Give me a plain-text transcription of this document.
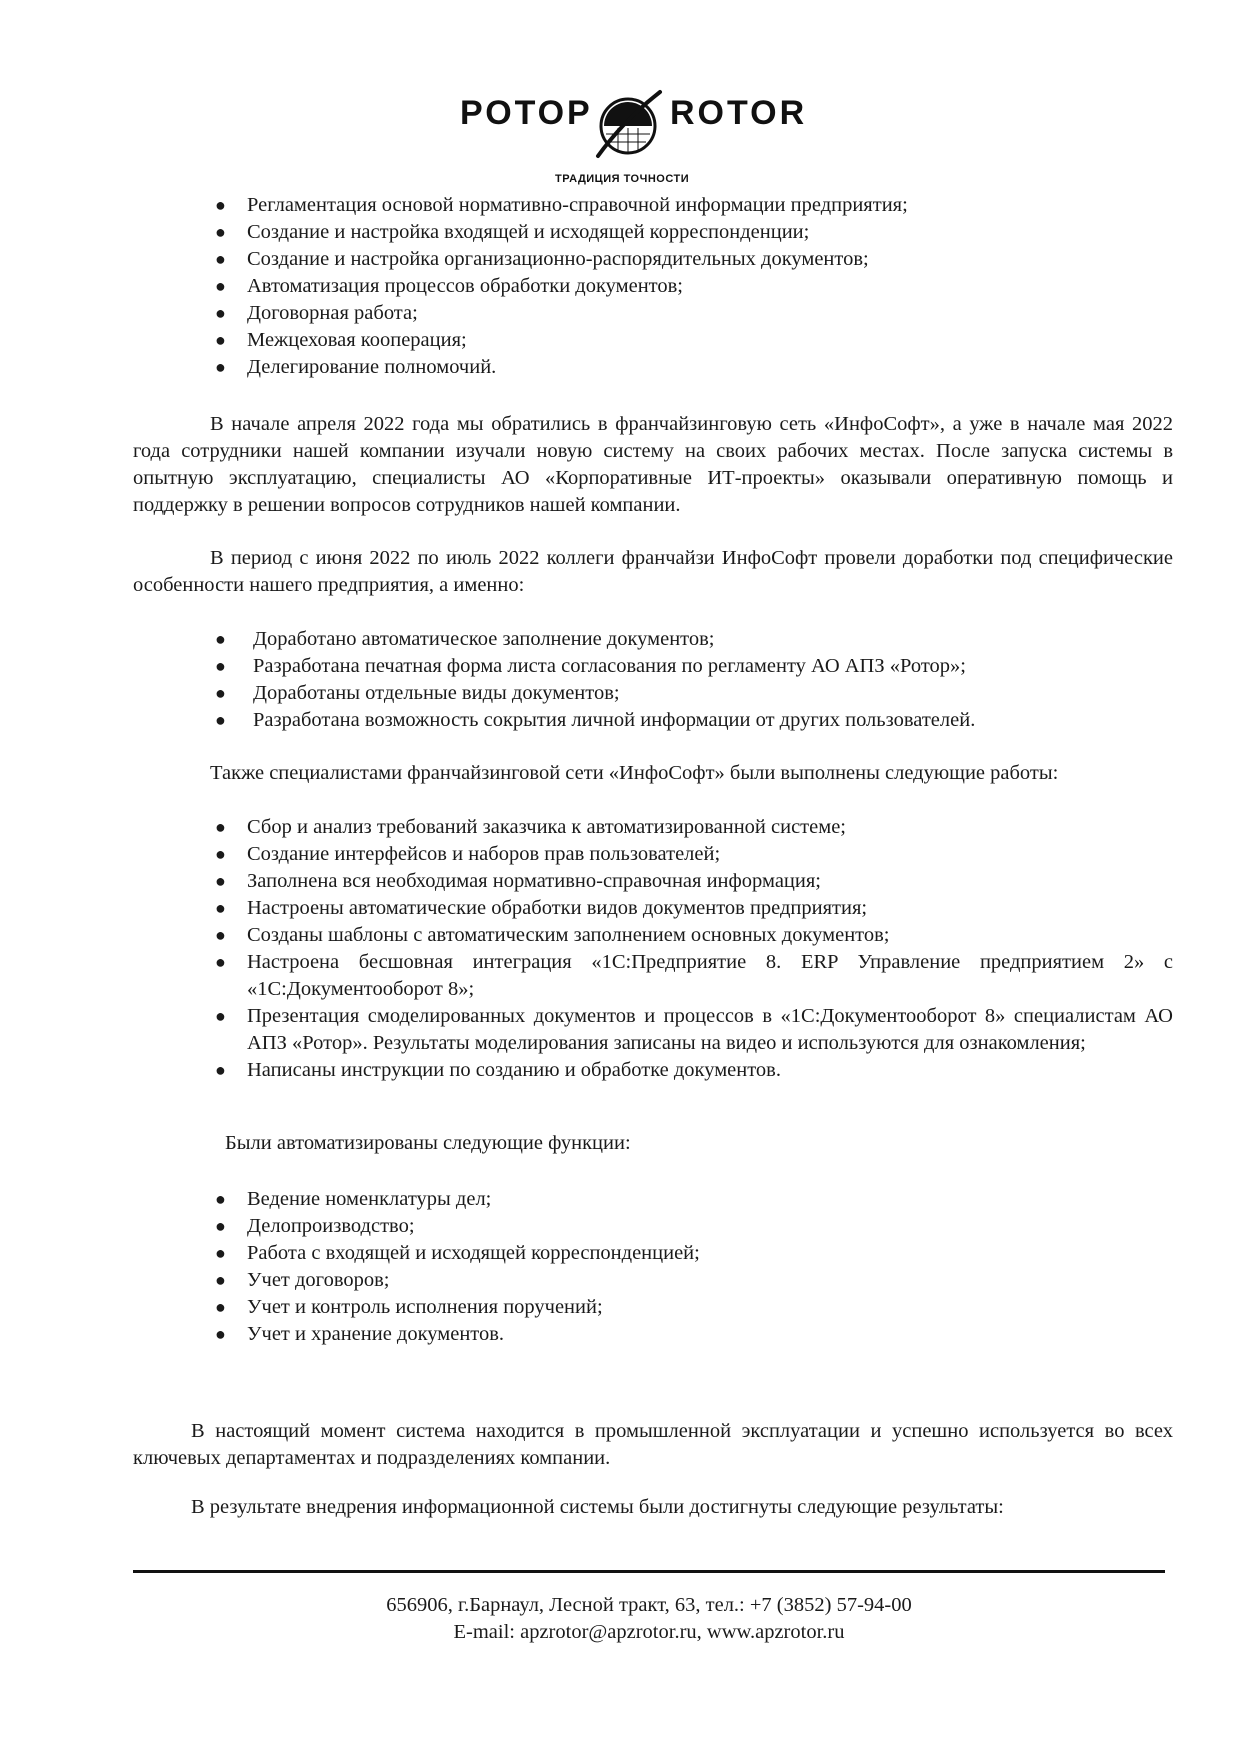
РОТОР ROTOR
ТРАДИЦИЯ ТОЧНОСТИ
● Регламентация основой нормативно-справочной информации предприятия;
● Создание и настройка входящей и исходящей корреспонденции;
● Создание и настройка организационно-распорядительных документов;
● Автоматизация процессов обработки документов;
● Договорная работа;
● Межцеховая кооперация;
● Делегирование полномочий.

В начале апреля 2022 года мы обратились в франчайзинговую сеть «ИнфоСофт», а уже в начале мая 2022 года сотрудники нашей компании изучали новую систему на своих рабочих местах. После запуска системы в опытную эксплуатацию, специалисты АО «Корпоративные ИТ-проекты» оказывали оперативную помощь и поддержку в решении вопросов сотрудников нашей компании.

В период с июня 2022 по июль 2022 коллеги франчайзи ИнфоСофт провели доработки под специфические особенности нашего предприятия, а именно:

● Доработано автоматическое заполнение документов;
● Разработана печатная форма листа согласования по регламенту АО АПЗ «Ротор»;
● Доработаны отдельные виды документов;
● Разработана возможность сокрытия личной информации от других пользователей.

Также специалистами франчайзинговой сети «ИнфоСофт» были выполнены следующие работы:

● Сбор и анализ требований заказчика к автоматизированной системе;
● Создание интерфейсов и наборов прав пользователей;
● Заполнена вся необходимая нормативно-справочная информация;
● Настроены автоматические обработки видов документов предприятия;
● Созданы шаблоны с автоматическим заполнением основных документов;
● Настроена бесшовная интеграция «1С:Предприятие 8. ERP Управление предприятием 2» с «1С:Документооборот 8»;
● Презентация смоделированных документов и процессов в «1С:Документооборот 8» специалистам АО АПЗ «Ротор». Результаты моделирования записаны на видео и используются для ознакомления;
● Написаны инструкции по созданию и обработке документов.

Были автоматизированы следующие функции:

● Ведение номенклатуры дел;
● Делопроизводство;
● Работа с входящей и исходящей корреспонденцией;
● Учет договоров;
● Учет и контроль исполнения поручений;
● Учет и хранение документов.

В настоящий момент система находится в промышленной эксплуатации и успешно используется во всех ключевых департаментах и подразделениях компании.

В результате внедрения информационной системы были достигнуты следующие результаты:

656906, г.Барнаул, Лесной тракт, 63, тел.: +7 (3852) 57-94-00
E-mail: apzrotor@apzrotor.ru, www.apzrotor.ru
